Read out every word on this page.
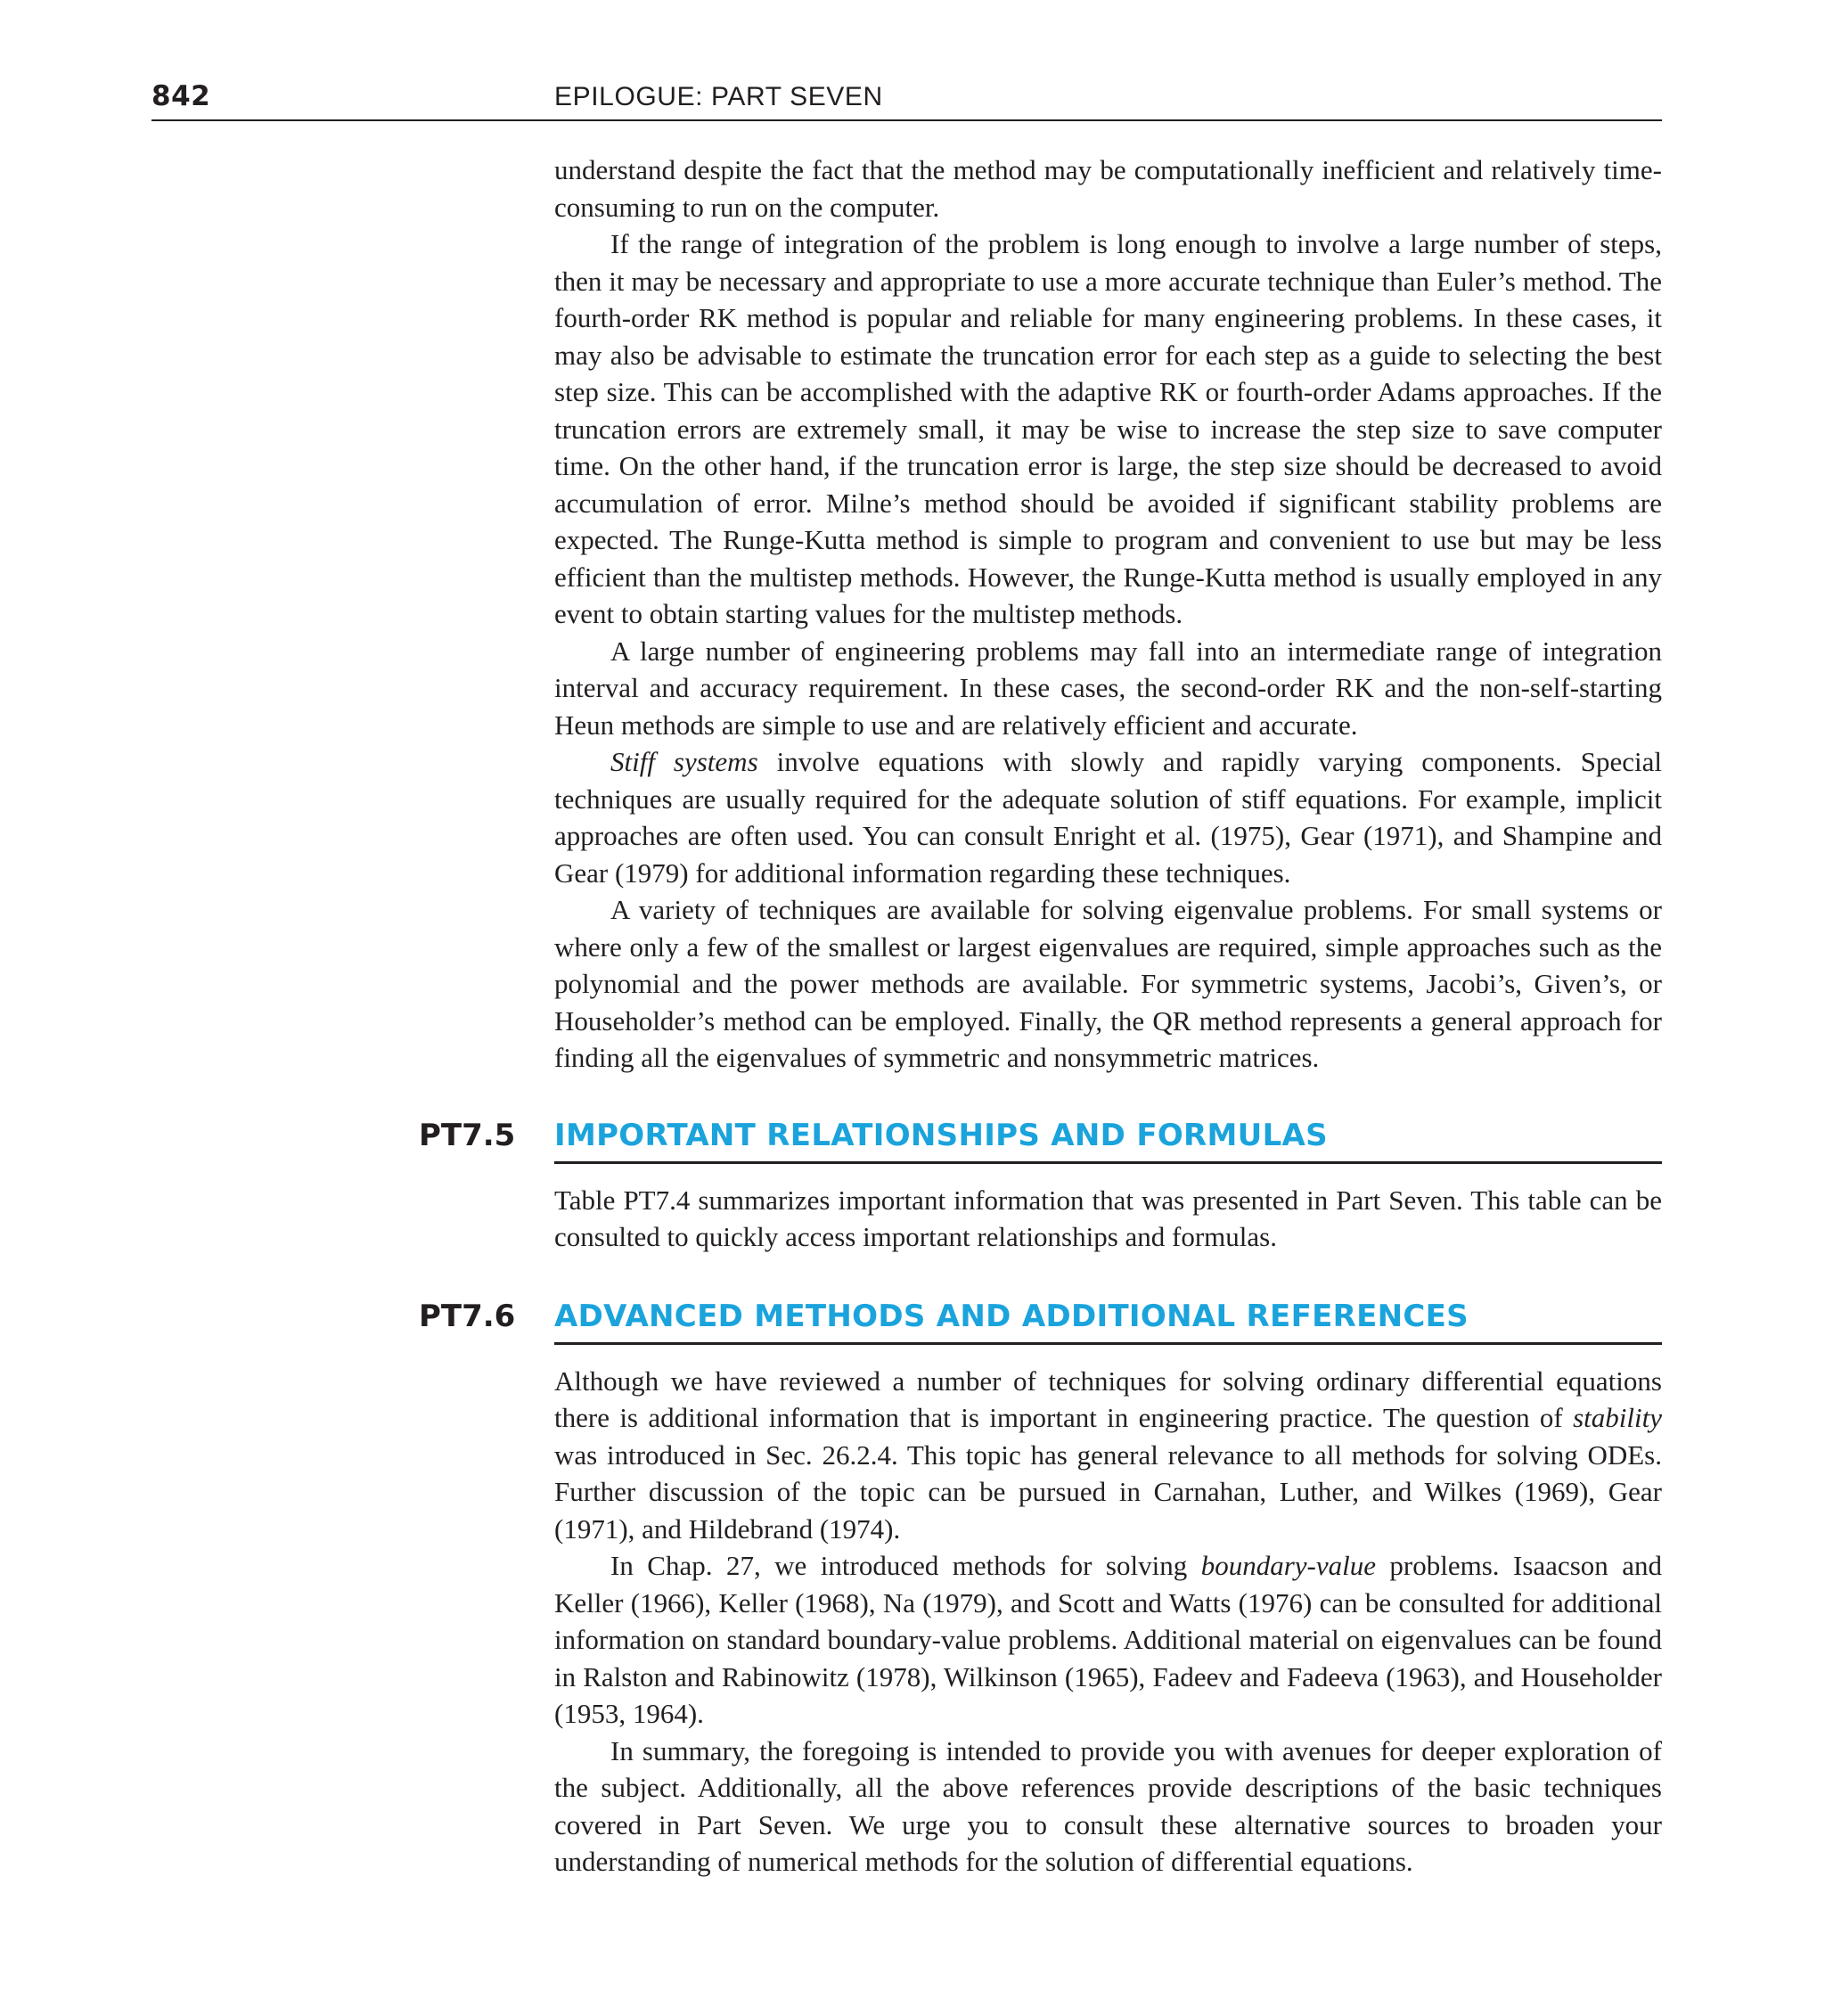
842	EPILOGUE: PART SEVEN

understand despite the fact that the method may be computationally inefficient and relatively time-consuming to run on the computer.

If the range of integration of the problem is long enough to involve a large number of steps, then it may be necessary and appropriate to use a more accurate technique than Euler’s method. The fourth-order RK method is popular and reliable for many engineering problems. In these cases, it may also be advisable to estimate the truncation error for each step as a guide to selecting the best step size. This can be accomplished with the adaptive RK or fourth-order Adams approaches. If the truncation errors are extremely small, it may be wise to increase the step size to save computer time. On the other hand, if the truncation error is large, the step size should be decreased to avoid accumulation of error. Milne’s method should be avoided if significant stability problems are expected. The Runge-Kutta method is simple to program and convenient to use but may be less efficient than the multistep methods. However, the Runge-Kutta method is usually employed in any event to obtain starting values for the multistep methods.

A large number of engineering problems may fall into an intermediate range of integration interval and accuracy requirement. In these cases, the second-order RK and the non-self-starting Heun methods are simple to use and are relatively efficient and accurate.

Stiff systems involve equations with slowly and rapidly varying components. Special techniques are usually required for the adequate solution of stiff equations. For example, implicit approaches are often used. You can consult Enright et al. (1975), Gear (1971), and Shampine and Gear (1979) for additional information regarding these techniques.

A variety of techniques are available for solving eigenvalue problems. For small systems or where only a few of the smallest or largest eigenvalues are required, simple approaches such as the polynomial and the power methods are available. For symmetric systems, Jacobi’s, Given’s, or Householder’s method can be employed. Finally, the QR method represents a general approach for finding all the eigenvalues of symmetric and nonsymmetric matrices.

PT7.5	IMPORTANT RELATIONSHIPS AND FORMULAS

Table PT7.4 summarizes important information that was presented in Part Seven. This table can be consulted to quickly access important relationships and formulas.

PT7.6	ADVANCED METHODS AND ADDITIONAL REFERENCES

Although we have reviewed a number of techniques for solving ordinary differential equations there is additional information that is important in engineering practice. The question of stability was introduced in Sec. 26.2.4. This topic has general relevance to all methods for solving ODEs. Further discussion of the topic can be pursued in Carnahan, Luther, and Wilkes (1969), Gear (1971), and Hildebrand (1974).

In Chap. 27, we introduced methods for solving boundary-value problems. Isaacson and Keller (1966), Keller (1968), Na (1979), and Scott and Watts (1976) can be consulted for additional information on standard boundary-value problems. Additional material on eigenvalues can be found in Ralston and Rabinowitz (1978), Wilkinson (1965), Fadeev and Fadeeva (1963), and Householder (1953, 1964).

In summary, the foregoing is intended to provide you with avenues for deeper exploration of the subject. Additionally, all the above references provide descriptions of the basic techniques covered in Part Seven. We urge you to consult these alternative sources to broaden your understanding of numerical methods for the solution of differential equations.
